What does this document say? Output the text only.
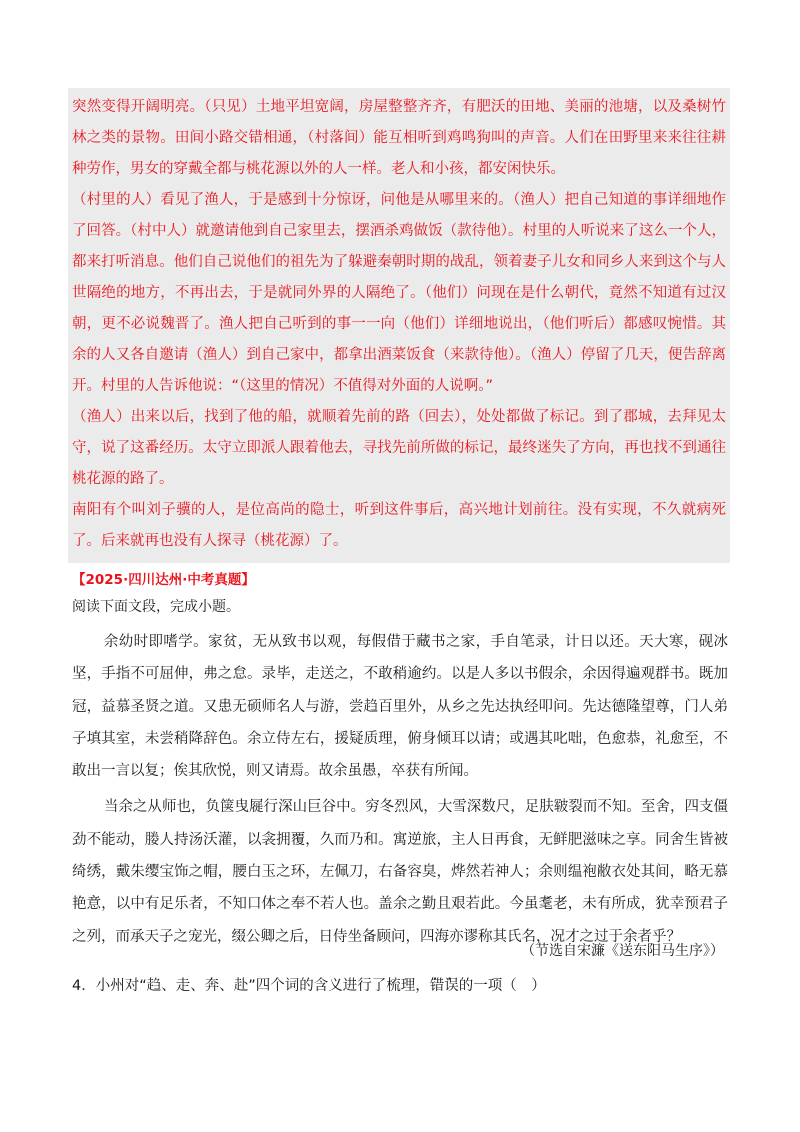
突然变得开阔明亮。（只见）土地平坦宽阔，房屋整整齐齐，有肥沃的田地、美丽的池塘，以及桑树竹林之类的景物。田间小路交错相通，（村落间）能互相听到鸡鸣狗叫的声音。人们在田野里来来往往耕种劳作，男女的穿戴全都与桃花源以外的人一样。老人和小孩，都安闲快乐。

（村里的人）看见了渔人，于是感到十分惊讶，问他是从哪里来的。（渔人）把自己知道的事详细地作了回答。（村中人）就邀请他到自己家里去，摆酒杀鸡做饭（款待他）。村里的人听说来了这么一个人，都来打听消息。他们自己说他们的祖先为了躲避秦朝时期的战乱，领着妻子儿女和同乡人来到这个与人世隔绝的地方，不再出去，于是就同外界的人隔绝了。（他们）问现在是什么朝代，竟然不知道有过汉朝，更不必说魏晋了。渔人把自己听到的事一一向（他们）详细地说出，（他们听后）都感叹惋惜。其余的人又各自邀请（渔人）到自己家中，都拿出酒菜饭食（来款待他）。（渔人）停留了几天，便告辞离开。村里的人告诉他说：“（这里的情况）不值得对外面的人说啊。”

（渔人）出来以后，找到了他的船，就顺着先前的路（回去），处处都做了标记。到了郡城，去拜见太守，说了这番经历。太守立即派人跟着他去，寻找先前所做的标记，最终迷失了方向，再也找不到通往桃花源的路了。

南阳有个叫刘子骥的人，是位高尚的隐士，听到这件事后，高兴地计划前往。没有实现，不久就病死了。后来就再也没有人探寻（桃花源）了。

【2025·四川达州·中考真题】
阅读下面文段，完成小题。

余幼时即嗜学。家贫，无从致书以观，每假借于藏书之家，手自笔录，计日以还。天大寒，砚冰坚，手指不可屈伸，弗之怠。录毕，走送之，不敢稍逾约。以是人多以书假余，余因得遍观群书。既加冠，益慕圣贤之道。又患无硕师名人与游，尝趋百里外，从乡之先达执经叩问。先达德隆望尊，门人弟子填其室，未尝稍降辞色。余立侍左右，援疑质理，俯身倾耳以请；或遇其叱咄，色愈恭，礼愈至，不敢出一言以复；俟其欣悦，则又请焉。故余虽愚，卒获有所闻。

当余之从师也，负箧曳屣行深山巨谷中。穷冬烈风，大雪深数尺，足肤皲裂而不知。至舍，四支僵劲不能动，媵人持汤沃灌，以衾拥覆，久而乃和。寓逆旅，主人日再食，无鲜肥滋味之享。同舍生皆被绮绣，戴朱缨宝饰之帽，腰白玉之环，左佩刀，右备容臭，烨然若神人；余则缊袍敝衣处其间，略无慕艳意，以中有足乐者，不知口体之奉不若人也。盖余之勤且艰若此。今虽耄老，未有所成，犹幸预君子之列，而承天子之宠光，缀公卿之后，日侍坐备顾问，四海亦谬称其氏名，况才之过于余者乎？

（节选自宋濂《送东阳马生序》）
4．小州对“趋、走、奔、赴”四个词的含义进行了梳理，• • 错误的一项（　）
